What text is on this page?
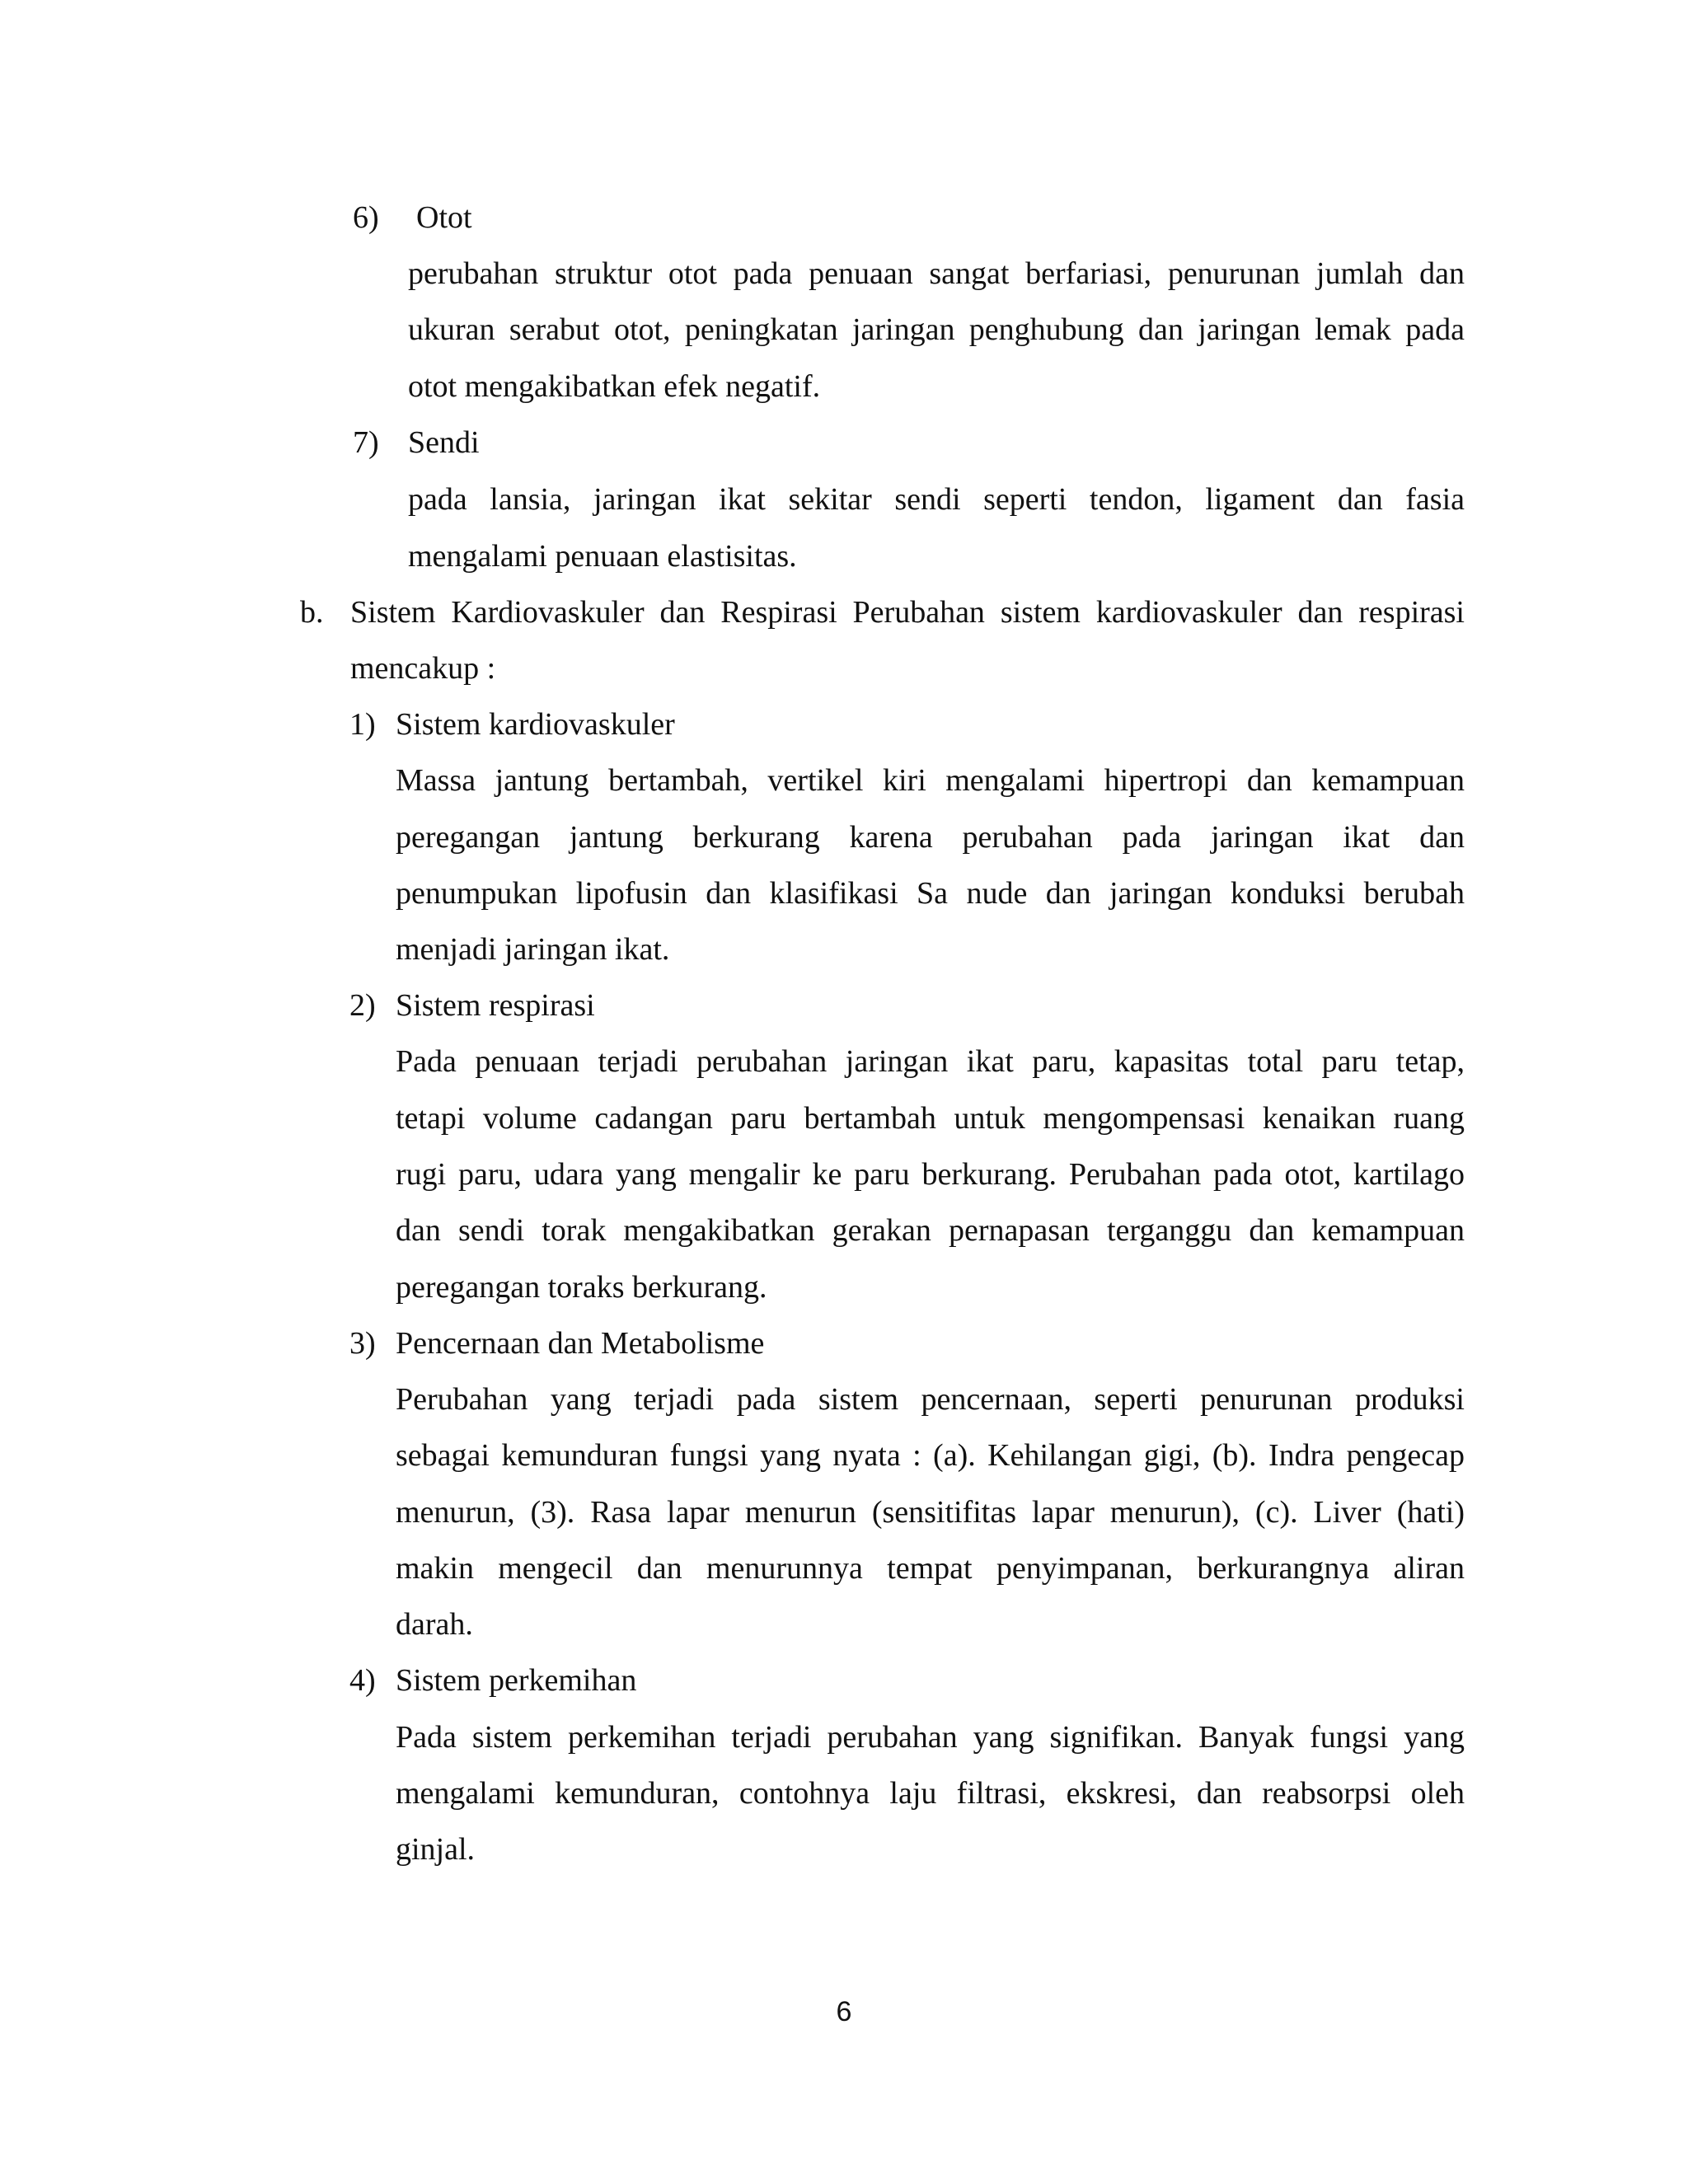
6) Otot
perubahan struktur otot pada penuaan sangat berfariasi, penurunan jumlah dan
ukuran serabut otot, peningkatan jaringan penghubung dan jaringan lemak pada
otot mengakibatkan efek negatif.
7) Sendi
pada lansia, jaringan ikat sekitar sendi seperti tendon, ligament dan fasia
mengalami penuaan elastisitas.
b. Sistem Kardiovaskuler dan Respirasi Perubahan sistem kardiovaskuler dan respirasi
mencakup :
1) Sistem kardiovaskuler
Massa jantung bertambah, vertikel kiri mengalami hipertropi dan kemampuan
peregangan jantung berkurang karena perubahan pada jaringan ikat dan
penumpukan lipofusin dan klasifikasi Sa nude dan jaringan konduksi berubah
menjadi jaringan ikat.
2) Sistem respirasi
Pada penuaan terjadi perubahan jaringan ikat paru, kapasitas total paru tetap,
tetapi volume cadangan paru bertambah untuk mengompensasi kenaikan ruang
rugi paru, udara yang mengalir ke paru berkurang. Perubahan pada otot, kartilago
dan sendi torak mengakibatkan gerakan pernapasan terganggu dan kemampuan
peregangan toraks berkurang.
3) Pencernaan dan Metabolisme
Perubahan yang terjadi pada sistem pencernaan, seperti penurunan produksi
sebagai kemunduran fungsi yang nyata : (a). Kehilangan gigi, (b). Indra pengecap
menurun, (3). Rasa lapar menurun (sensitifitas lapar menurun), (c). Liver (hati)
makin mengecil dan menurunnya tempat penyimpanan, berkurangnya aliran
darah.
4) Sistem perkemihan
Pada sistem perkemihan terjadi perubahan yang signifikan. Banyak fungsi yang
mengalami kemunduran, contohnya laju filtrasi, ekskresi, dan reabsorpsi oleh
ginjal.
6
